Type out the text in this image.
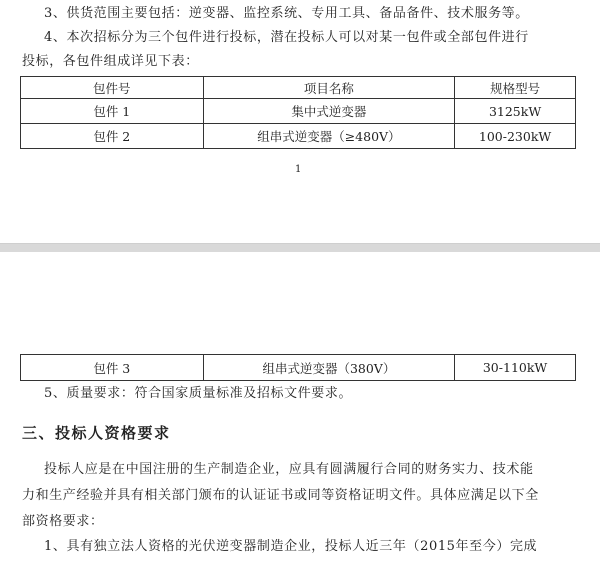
3、供货范围主要包括：逆变器、监控系统、专用工具、备品备件、技术服务等。
4、本次招标分为三个包件进行投标，潜在投标人可以对某一包件或全部包件进行
投标，各包件组成详见下表：
包件号	项目名称	规格型号
包件 1	集中式逆变器	3125kW
包件 2	组串式逆变器（≥480V）	100-230kW
1
包件 3	组串式逆变器（380V）	30-110kW
5、质量要求：符合国家质量标准及招标文件要求。
三、投标人资格要求
投标人应是在中国注册的生产制造企业，应具有圆满履行合同的财务实力、技术能
力和生产经验并具有相关部门颁布的认证证书或同等资格证明文件。具体应满足以下全
部资格要求：
1、具有独立法人资格的光伏逆变器制造企业，投标人近三年（2015年至今）完成
